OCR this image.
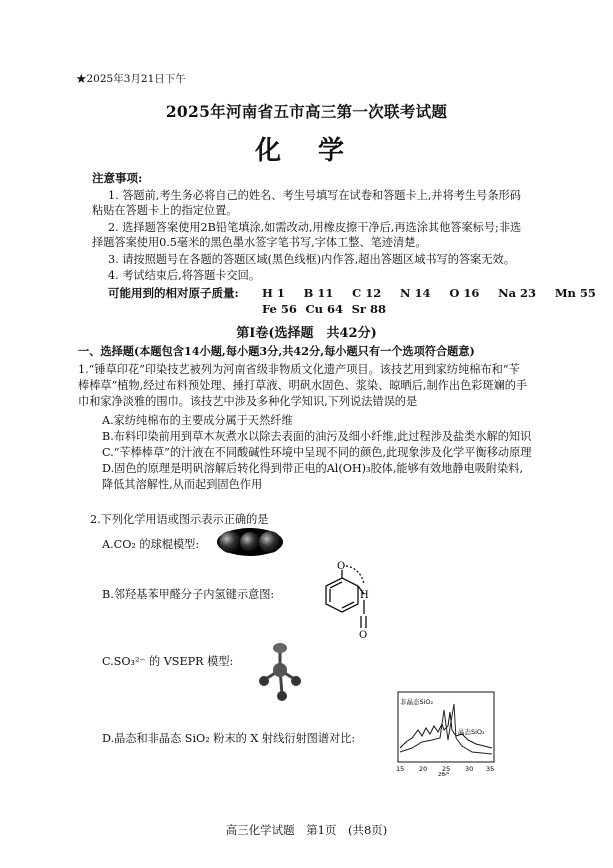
★2025年3月21日下午
2025年河南省五市高三第一次联考试题
化 学
注意事项:
1. 答题前,考生务必将自己的姓名、考生号填写在试卷和答题卡上,并将考生号条形码粘贴在答题卡上的指定位置。
2. 选择题答案使用2B铅笔填涂,如需改动,用橡皮擦干净后,再选涂其他答案标号;非选择题答案使用0.5毫米的黑色墨水签字笔书写,字体工整、笔迹清楚。
3. 请按照题号在各题的答题区域(黑色线框)内作答,超出答题区域书写的答案无效。
4. 考试结束后,将答题卡交回。
可能用到的相对原子质量: H 1 B 11 C 12 N 14 O 16 Na 23 Mn 55
Fe 56 Cu 64 Sr 88
第Ⅰ卷(选择题　共42分)
一、选择题(本题包含14小题,每小题3分,共42分,每小题只有一个选项符合题意)
1.“锤草印花”印染技艺被列为河南省级非物质文化遗产项目。该技艺用到家纺纯棉布和“苄棒棒草”植物,经过布料预处理、捶打草液、明矾水固色、浆染、晾晒后,制作出色彩斑斓的手巾和家净淡雅的围巾。该技艺中涉及多种化学知识,下列说法错误的是
A.家纺纯棉布的主要成分属于天然纤维
B.布料印染前用到草木灰煮水以除去表面的油污及细小纤维,此过程涉及盐类水解的知识
C.“苄棒棒草”的汁液在不同酸碱性环境中呈现不同的颜色,此现象涉及化学平衡移动原理
D.固色的原理是明矾溶解后转化得到带正电的Al(OH)₃胶体,能够有效地静电吸附染料,降低其溶解性,从而起到固色作用
2.下列化学用语或图示表示正确的是
A.CO₂ 的球棍模型:
B.邻羟基苯甲醛分子内氢键示意图:
O
H
O
C.SO₃²⁻ 的 VSEPR 模型:
D.晶态和非晶态 SiO₂ 粉末的 X 射线衍射图谱对比:
非晶态SiO₂
晶态SiO₂
15 20 25 30 35
2θ/°
高三化学试题　第1页　(共8页)
